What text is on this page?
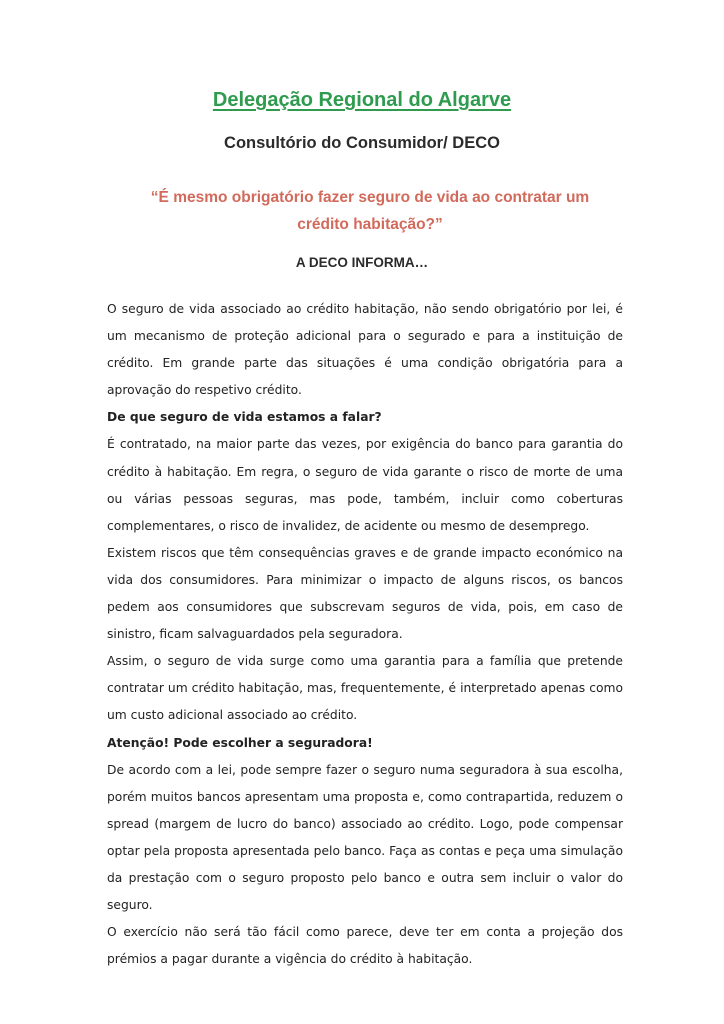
Delegação Regional do Algarve
Consultório do Consumidor/ DECO
“É mesmo obrigatório fazer seguro de vida ao contratar um crédito habitação?”
A DECO INFORMA…

O seguro de vida associado ao crédito habitação, não sendo obrigatório por lei, é um mecanismo de proteção adicional para o segurado e para a instituição de crédito. Em grande parte das situações é uma condição obrigatória para a aprovação do respetivo crédito.

De que seguro de vida estamos a falar?

É contratado, na maior parte das vezes, por exigência do banco para garantia do crédito à habitação. Em regra, o seguro de vida garante o risco de morte de uma ou várias pessoas seguras, mas pode, também, incluir como coberturas complementares, o risco de invalidez, de acidente ou mesmo de desemprego.

Existem riscos que têm consequências graves e de grande impacto económico na vida dos consumidores. Para minimizar o impacto de alguns riscos, os bancos pedem aos consumidores que subscrevam seguros de vida, pois, em caso de sinistro, ficam salvaguardados pela seguradora.

Assim, o seguro de vida surge como uma garantia para a família que pretende contratar um crédito habitação, mas, frequentemente, é interpretado apenas como um custo adicional associado ao crédito.

Atenção! Pode escolher a seguradora!

De acordo com a lei, pode sempre fazer o seguro numa seguradora à sua escolha, porém muitos bancos apresentam uma proposta e, como contrapartida, reduzem o spread (margem de lucro do banco) associado ao crédito. Logo, pode compensar optar pela proposta apresentada pelo banco. Faça as contas e peça uma simulação da prestação com o seguro proposto pelo banco e outra sem incluir o valor do seguro.

O exercício não será tão fácil como parece, deve ter em conta a projeção dos prémios a pagar durante a vigência do crédito à habitação.
